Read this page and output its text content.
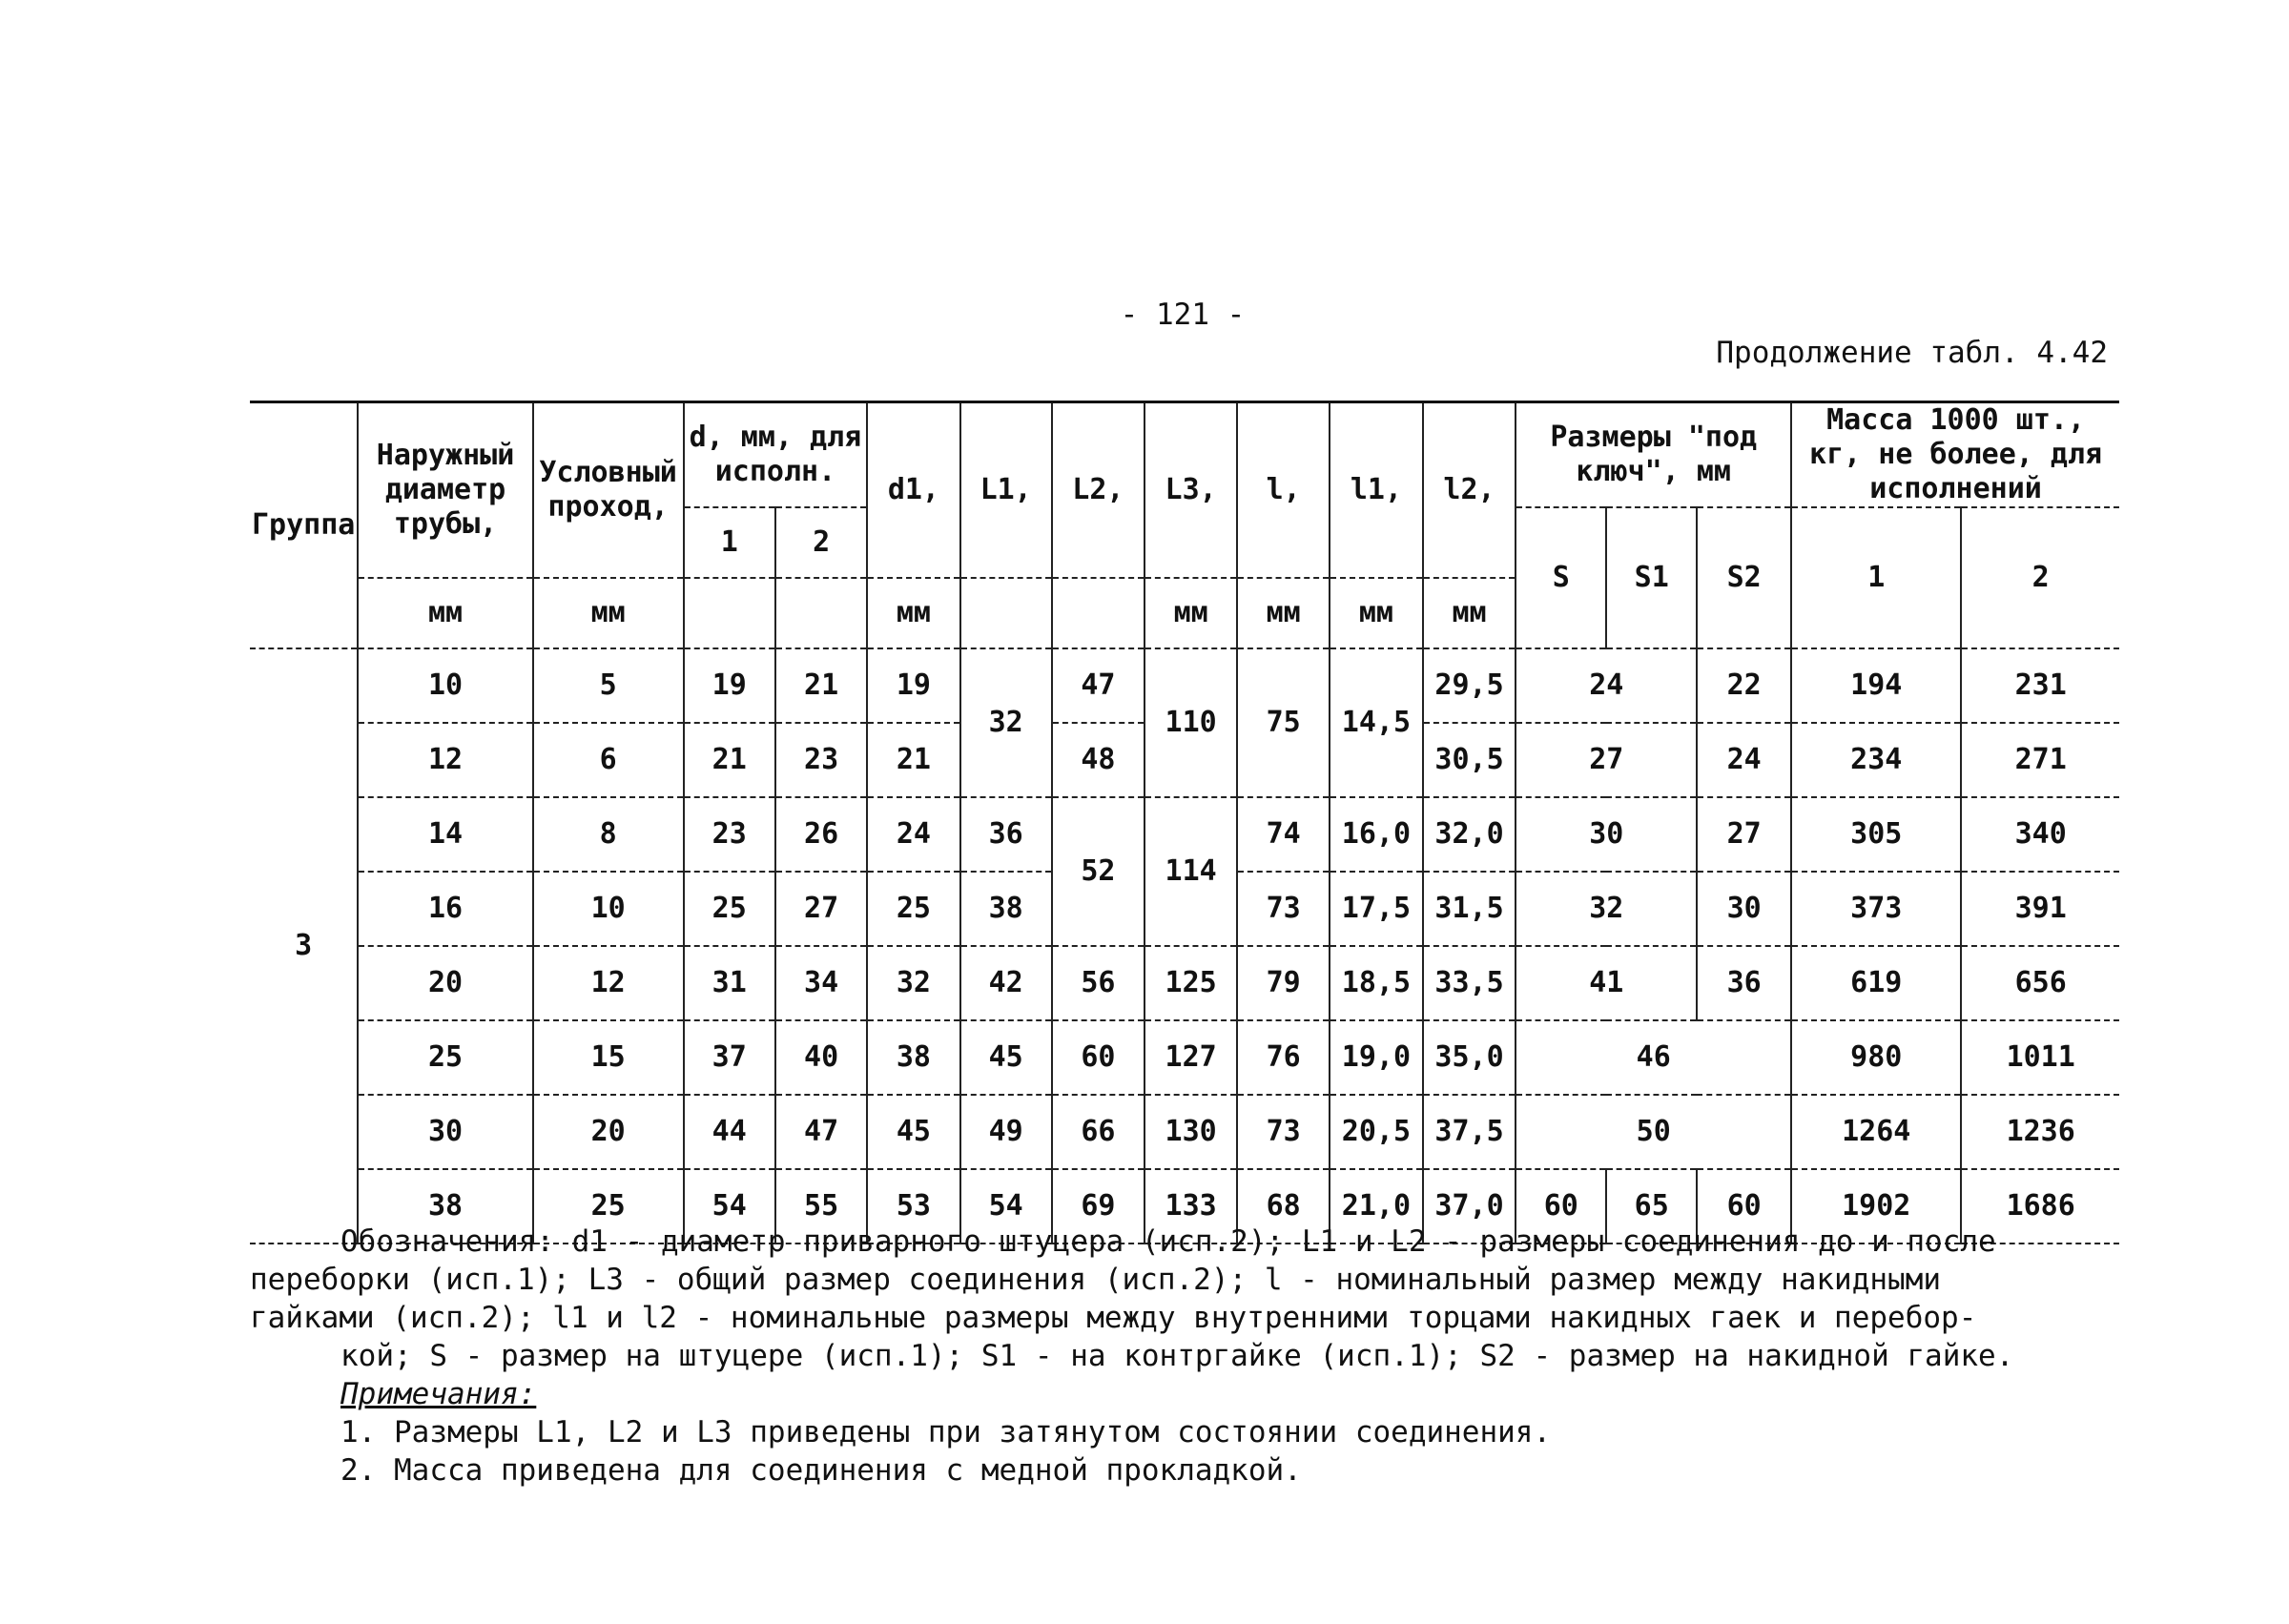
- 121 -
Продолжение табл. 4.42
Группа	Наружный диаметр трубы,	Условный проход,	d, мм, для исполн.		d1,	L1,	L2,	L3,	l,	l1,	l2,	Размеры "под ключ", мм			Масса 1000 шт., кг, не более, для исполнений	
			1	2								S	S1	S2	1	2
	мм	мм			мм			мм	мм	мм	мм					
3	10	5	19	21	19	32	47	110	75	14,5	29,5	24		22	194	231
	12	6	21	23	21		48				30,5	27		24	234	271
	14	8	23	26	24	36	52	114	74	16,0	32,0	30		27	305	340
	16	10	25	27	25	38			73	17,5	31,5	32		30	373	391
	20	12	31	34	32	42	56	125	79	18,5	33,5	41		36	619	656
	25	15	37	40	38	45	60	127	76	19,0	35,0	46			980	1011
	30	20	44	47	45	49	66	130	73	20,5	37,5	50			1264	1236
	38	25	54	55	53	54	69	133	68	21,0	37,0	60	65	60	1902	1686

Обозначения: d1 - диаметр приварного штуцера (исп.2); L1 и L2 - размеры соединения до и после

переборки (исп.1); L3 - общий размер соединения (исп.2); l - номинальный размер между накидными

гайками (исп.2); l1 и l2 - номинальные размеры между внутренними торцами накидных гаек и перебор-

кой; S - размер на штуцере (исп.1); S1 - на контргайке (исп.1); S2 - размер на накидной гайке.

Примечания:

1. Размеры L1, L2 и L3 приведены при затянутом состоянии соединения.

2. Масса приведена для соединения с медной прокладкой.
